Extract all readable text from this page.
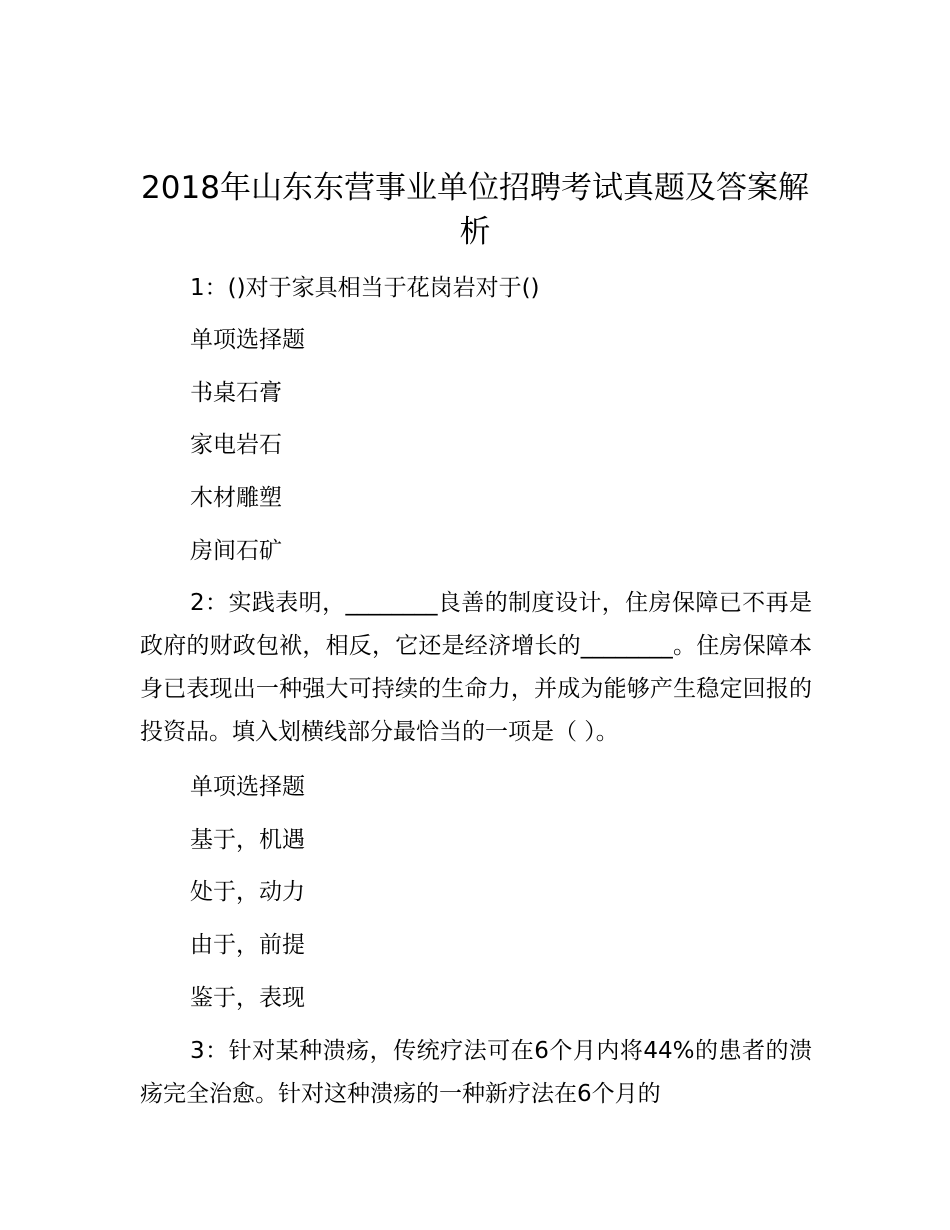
2018年山东东营事业单位招聘考试真题及答案解析

1：()对于家具相当于花岗岩对于()

单项选择题

书桌石膏

家电岩石

木材雕塑

房间石矿

2：实践表明，________良善的制度设计，住房保障已不再是政府的财政包袱，相反，它还是经济增长的________。住房保障本身已表现出一种强大可持续的生命力，并成为能够产生稳定回报的投资品。填入划横线部分最恰当的一项是（ ）。

单项选择题

基于，机遇

处于，动力

由于，前提

鉴于，表现

3：针对某种溃疡，传统疗法可在6个月内将44%的患者的溃疡完全治愈。针对这种溃疡的一种新疗法在6个月的
